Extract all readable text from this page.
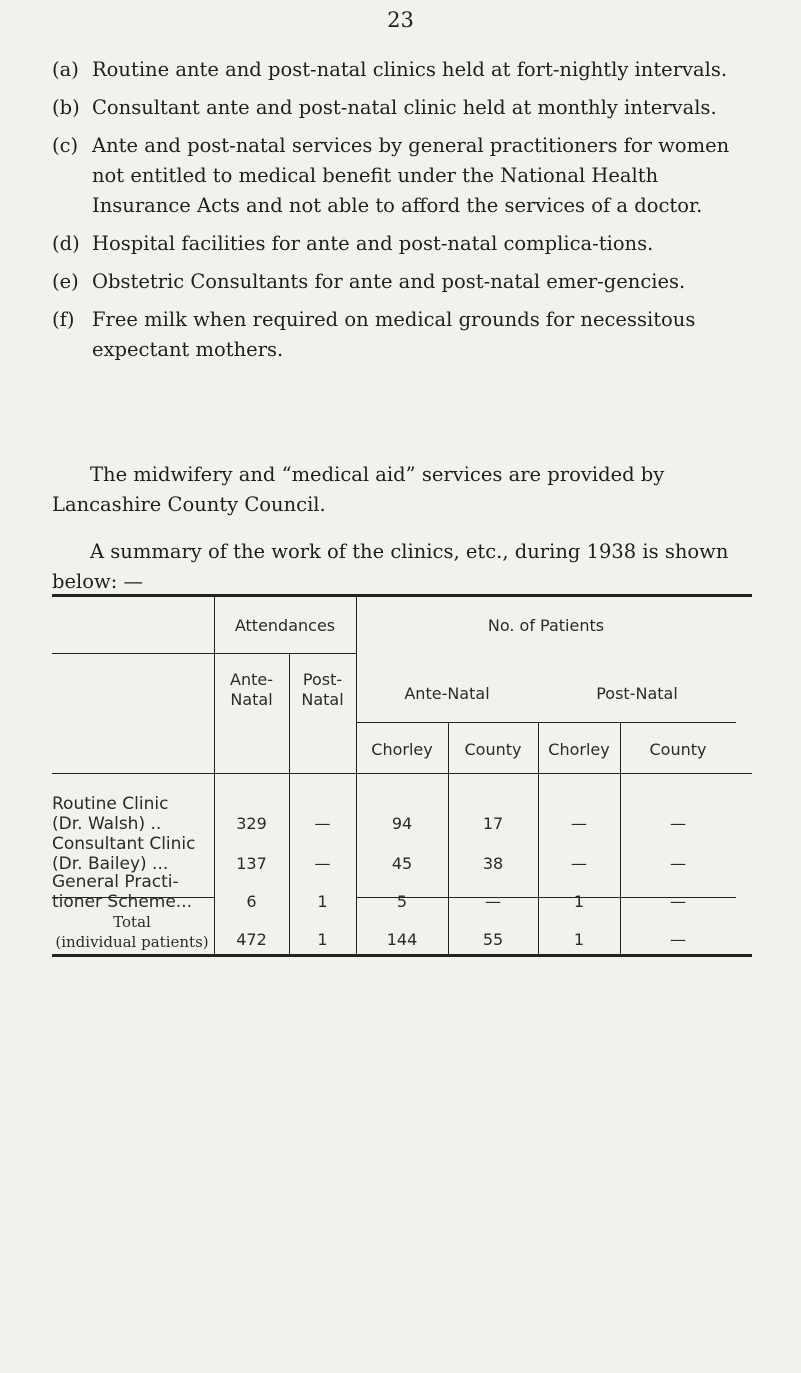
23
(a) Routine ante and post-natal clinics held at fort-nightly intervals.
(b) Consultant ante and post-natal clinic held at monthly intervals.
(c) Ante and post-natal services by general practitioners for women not entitled to medical benefit under the National Health Insurance Acts and not able to afford the services of a doctor.
(d) Hospital facilities for ante and post-natal complica-tions.
(e) Obstetric Consultants for ante and post-natal emer-gencies.
(f) Free milk when required on medical grounds for necessitous expectant mothers.
The midwifery and “medical aid” services are provided by Lancashire County Council.
A summary of the work of the clinics, etc., during 1938 is shown below: —
Attendances	No. of Patients
Ante-
Natal
Post-
Natal	Ante-Natal	Post-Natal
Chorley	County	Chorley	County
Routine Clinic
(Dr. Walsh) ..	329	—	94	17	—	—
Consultant Clinic
(Dr. Bailey) ...	137	—	45	38	—	—
General Practi-
tioner Scheme...	6	1	5	—	1	—
Total
(individual patients)	472	1	144	55	1	—
